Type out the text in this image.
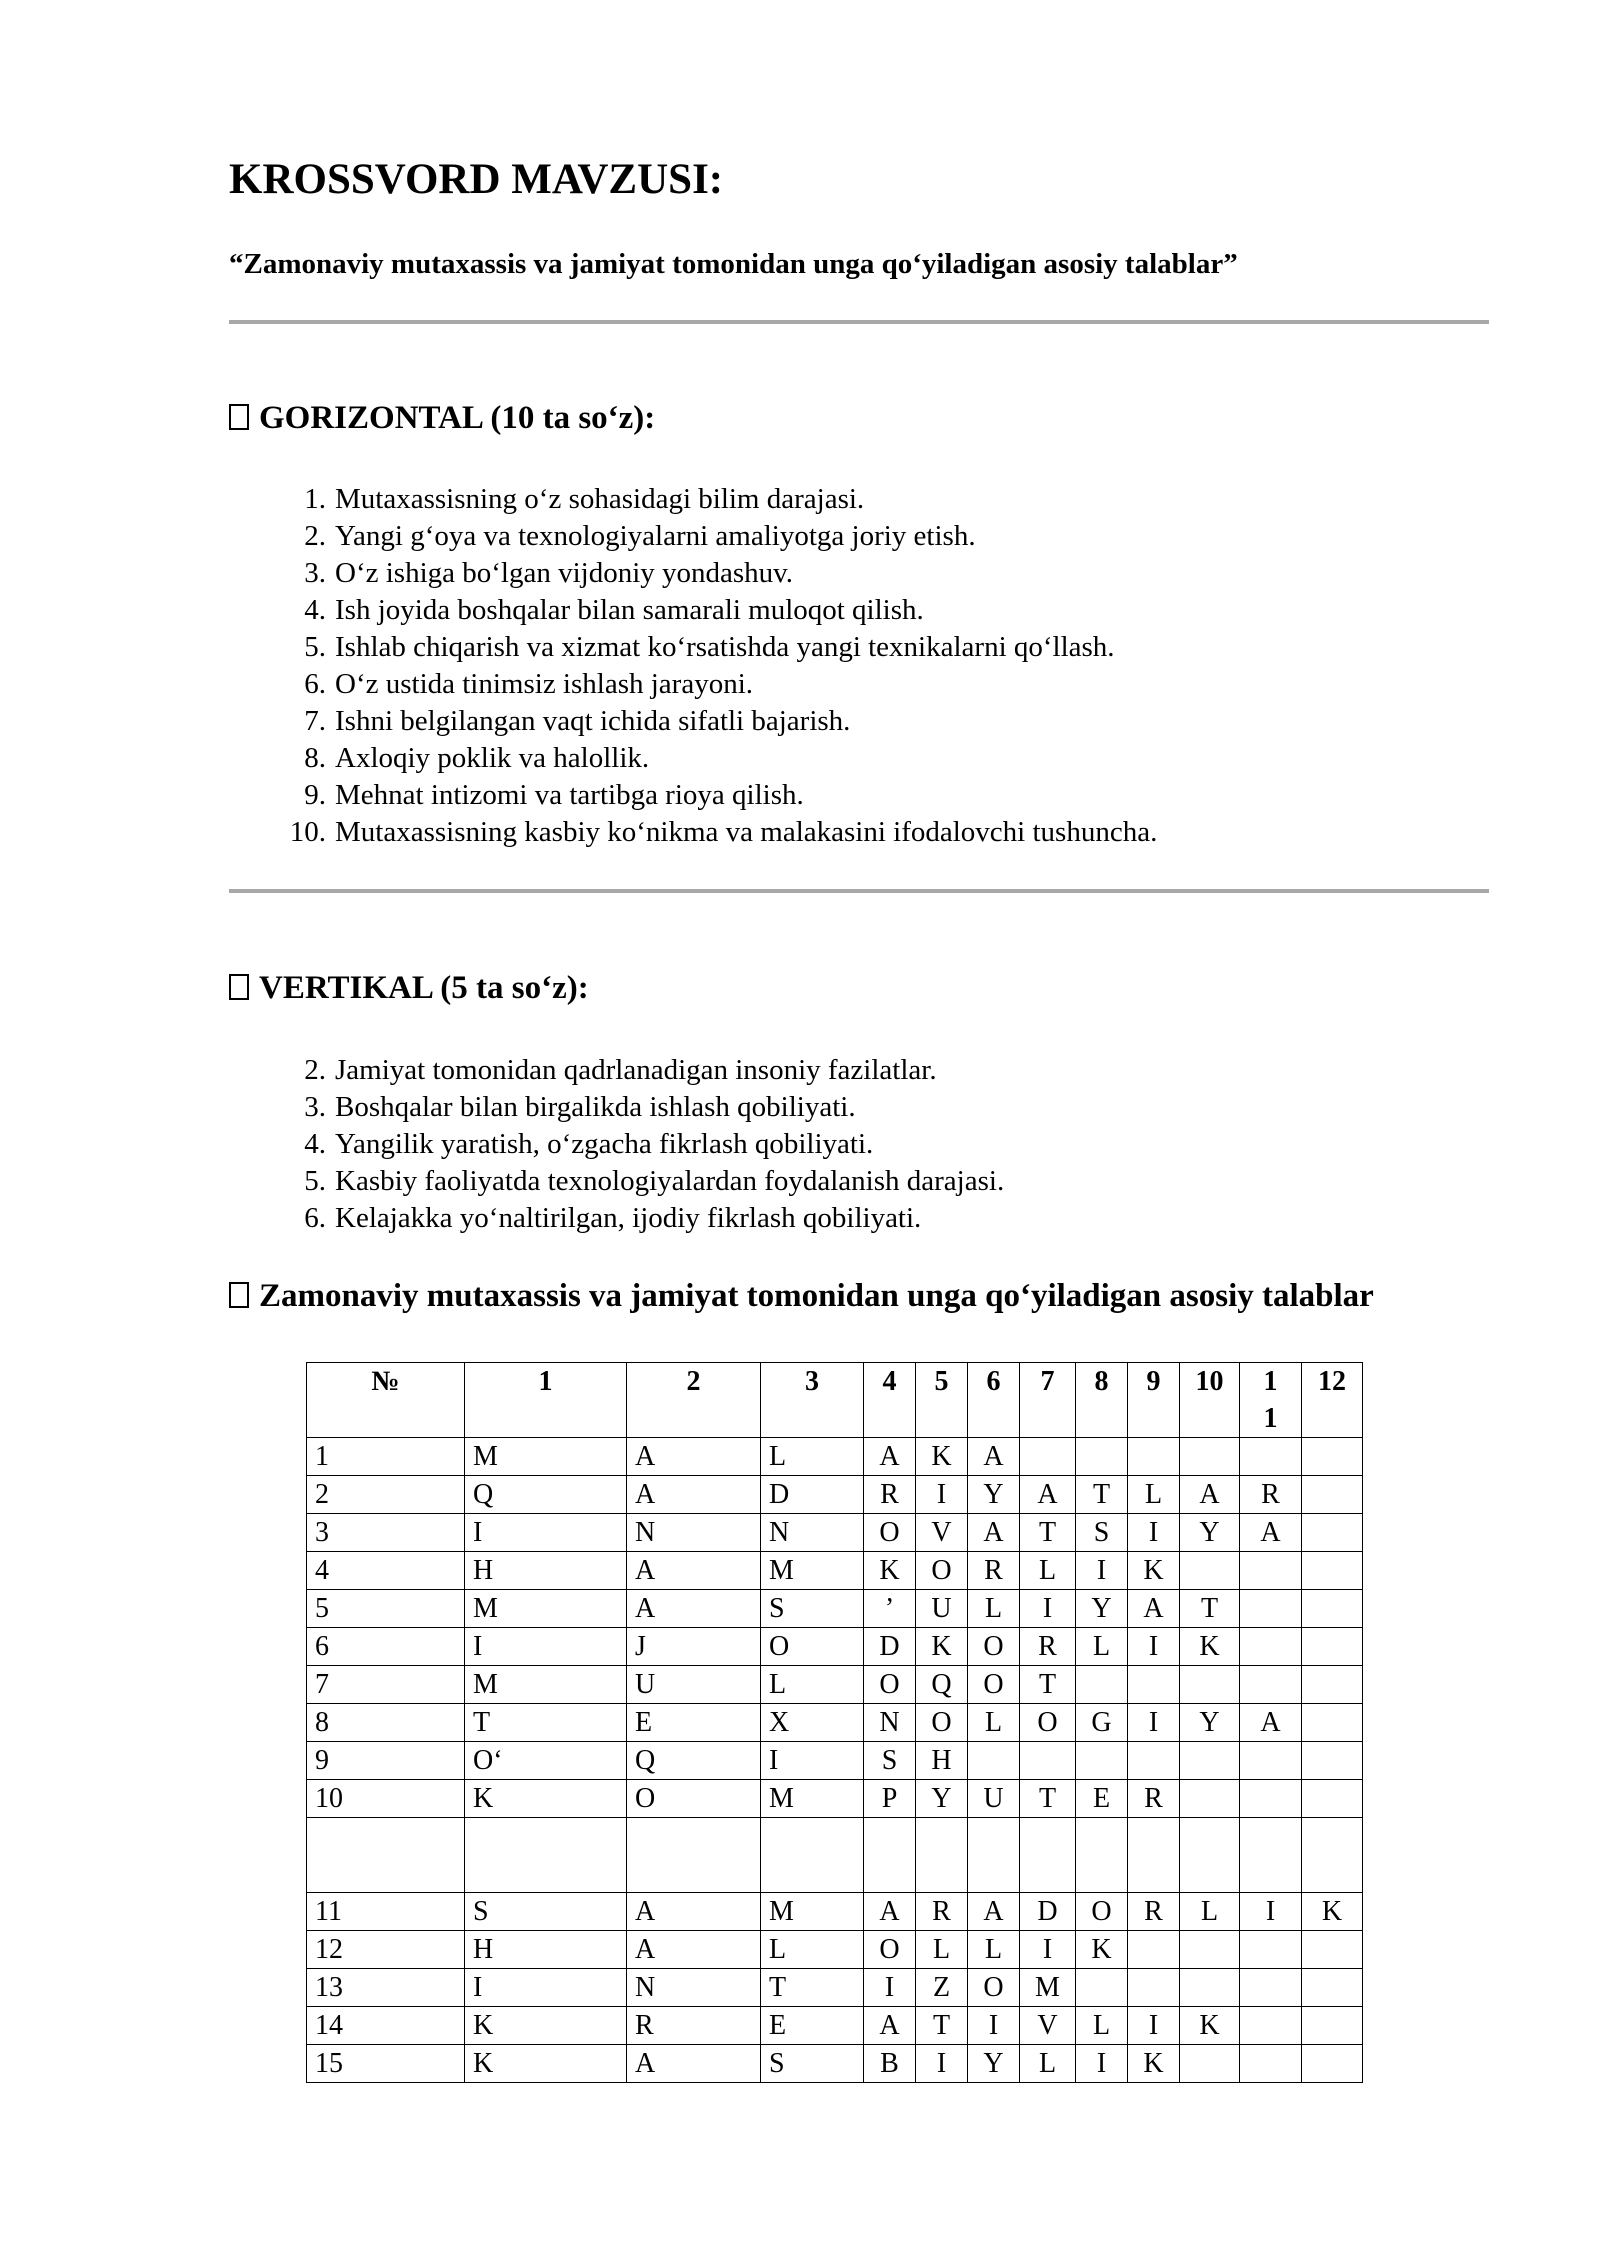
KROSSVORD MAVZUSI:

“Zamonaviy mutaxassis va jamiyat tomonidan unga qo‘yiladigan asosiy talablar”

GORIZONTAL (10 ta so‘z):
1. Mutaxassisning o‘z sohasidagi bilim darajasi.
2. Yangi g‘oya va texnologiyalarni amaliyotga joriy etish.
3. O‘z ishiga bo‘lgan vijdoniy yondashuv.
4. Ish joyida boshqalar bilan samarali muloqot qilish.
5. Ishlab chiqarish va xizmat ko‘rsatishda yangi texnikalarni qo‘llash.
6. O‘z ustida tinimsiz ishlash jarayoni.
7. Ishni belgilangan vaqt ichida sifatli bajarish.
8. Axloqiy poklik va halollik.
9. Mehnat intizomi va tartibga rioya qilish.
10. Mutaxassisning kasbiy ko‘nikma va malakasini ifodalovchi tushuncha.
VERTIKAL (5 ta so‘z):
2. Jamiyat tomonidan qadrlanadigan insoniy fazilatlar.
3. Boshqalar bilan birgalikda ishlash qobiliyati.
4. Yangilik yaratish, o‘zgacha fikrlash qobiliyati.
5. Kasbiy faoliyatda texnologiyalardan foydalanish darajasi.
6. Kelajakka yo‘naltirilgan, ijodiy fikrlash qobiliyati.
Zamonaviy mutaxassis va jamiyat tomonidan unga qo‘yiladigan asosiy talablar
№	1	2	3	4	5	6	7	8	9	10	1 1	12
1	M	A	L	A	K	A						
2	Q	A	D	R	I	Y	A	T	L	A	R	
3	I	N	N	O	V	A	T	S	I	Y	A	
4	H	A	M	K	O	R	L	I	K			
5	M	A	S	’	U	L	I	Y	A	T		
6	I	J	O	D	K	O	R	L	I	K		
7	M	U	L	O	Q	O	T					
8	T	E	X	N	O	L	O	G	I	Y	A	
9	O‘	Q	I	S	H							
10	K	O	M	P	Y	U	T	E	R			

11	S	A	M	A	R	A	D	O	R	L	I	K
12	H	A	L	O	L	L	I	K				
13	I	N	T	I	Z	O	M					
14	K	R	E	A	T	I	V	L	I	K		
15	K	A	S	B	I	Y	L	I	K			
